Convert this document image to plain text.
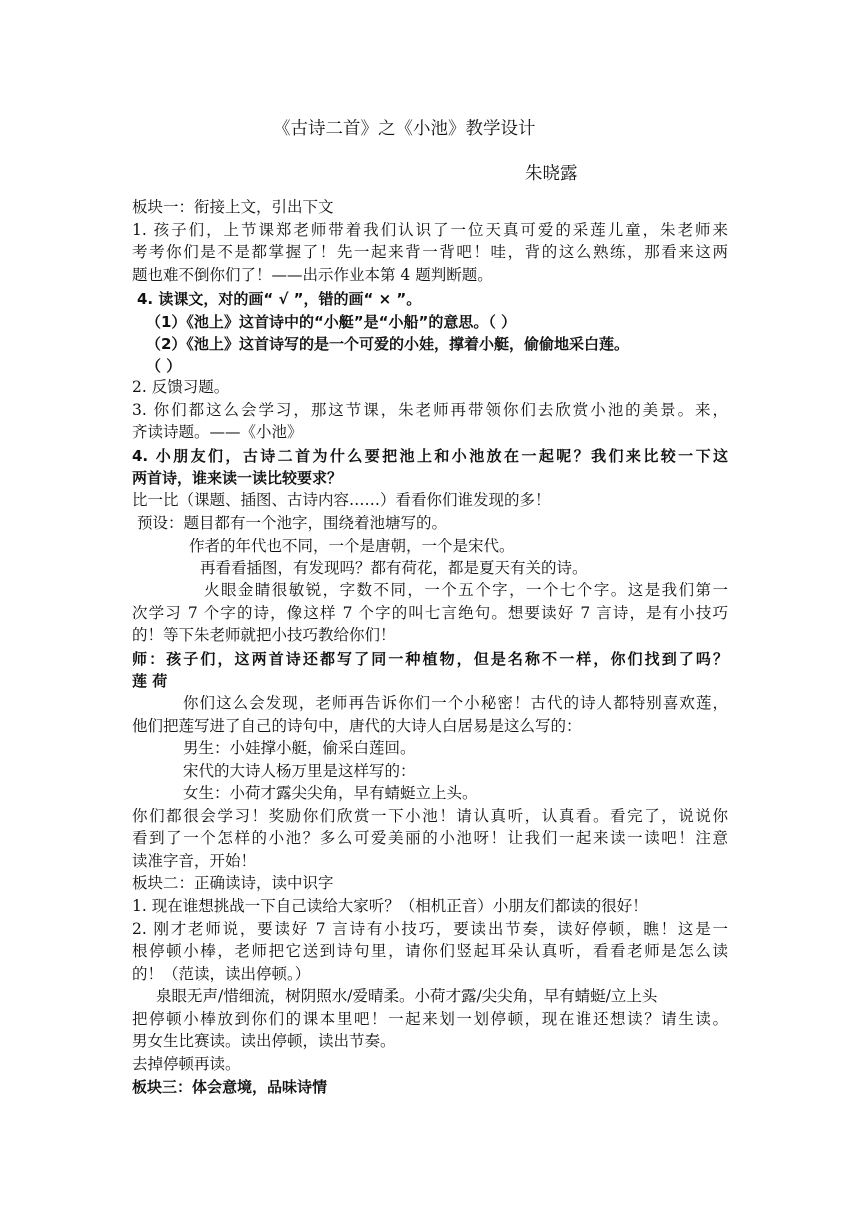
《古诗二首》之《小池》教学设计
朱晓露
板块一：衔接上文，引出下文
1. 孩子们，上节课郑老师带着我们认识了一位天真可爱的采莲儿童，朱老师来
考考你们是不是都掌握了！先一起来背一背吧！哇，背的这么熟练，那看来这两
题也难不倒你们了！——出示作业本第 4 题判断题。
4. 读课文，对的画“ √ ”，错的画“ × ”。
（1）《池上》这首诗中的“小艇”是“小船”的意思。（ ）
（2）《池上》这首诗写的是一个可爱的小娃，撑着小艇，偷偷地采白莲。
（ ）
2. 反馈习题。
3. 你们都这么会学习，那这节课，朱老师再带领你们去欣赏小池的美景。来，
齐读诗题。——《小池》
4. 小朋友们，古诗二首为什么要把池上和小池放在一起呢？我们来比较一下这
两首诗，谁来读一读比较要求？
比一比（课题、插图、古诗内容……）看看你们谁发现的多！
预设：题目都有一个池字，围绕着池塘写的。
作者的年代也不同，一个是唐朝，一个是宋代。
再看看插图，有发现吗？都有荷花，都是夏天有关的诗。
火眼金睛很敏锐，字数不同，一个五个字，一个七个字。这是我们第一
次学习 7 个字的诗，像这样 7 个字的叫七言绝句。想要读好 7 言诗，是有小技巧
的！等下朱老师就把小技巧教给你们！
师：孩子们，这两首诗还都写了同一种植物，但是名称不一样，你们找到了吗？
莲 荷
你们这么会发现，老师再告诉你们一个小秘密！古代的诗人都特别喜欢莲，
他们把莲写进了自己的诗句中，唐代的大诗人白居易是这么写的：
男生：小娃撑小艇，偷采白莲回。
宋代的大诗人杨万里是这样写的：
女生：小荷才露尖尖角，早有蜻蜓立上头。
你们都很会学习！奖励你们欣赏一下小池！请认真听，认真看。看完了，说说你
看到了一个怎样的小池？多么可爱美丽的小池呀！让我们一起来读一读吧！注意
读准字音，开始！
板块二：正确读诗，读中识字
1. 现在谁想挑战一下自己读给大家听？（相机正音）小朋友们都读的很好！
2. 刚才老师说，要读好 7 言诗有小技巧，要读出节奏，读好停顿，瞧！这是一
根停顿小棒，老师把它送到诗句里，请你们竖起耳朵认真听，看看老师是怎么读
的！（范读，读出停顿。）
泉眼无声/惜细流，树阴照水/爱晴柔。小荷才露/尖尖角，早有蜻蜓/立上头
把停顿小棒放到你们的课本里吧！一起来划一划停顿，现在谁还想读？请生读。
男女生比赛读。读出停顿，读出节奏。
去掉停顿再读。
板块三：体会意境，品味诗情
